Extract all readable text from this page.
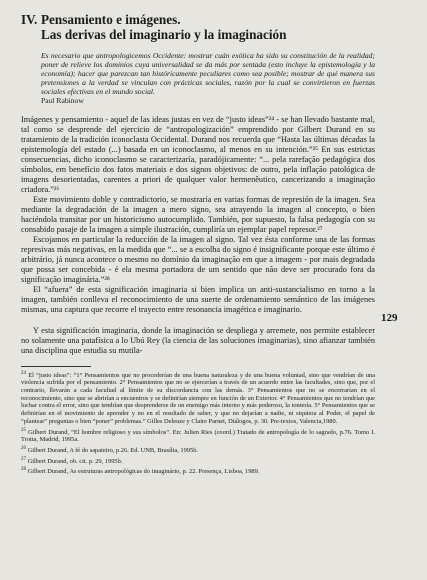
IV. Pensamiento e imágenes.
Las derivas del imaginario y la imaginación
Es necesario que antropologicemos Occidente: mostrar cuán exótica ha sido su constitución de la realidad; poner de relieve los dominios cuya universalidad se da más por sentada (esto incluye la epistemología y la economía); hacer que parezcan tan históricamente peculiares como sea posible; mostrar de qué manera sus pretensiones a la verdad se vinculan con prácticas sociales, razón por la cual se convirtieron en fuerzas sociales efectivas en el mundo social.
Paul Rabinow

Imágenes y pensamiento - aquel de las ideas justas en vez de “justo ideas”²⁴ - se han llevado bastante mal, tal como se desprende del ejercicio de “antropologización” emprendido por Gilbert Durand en su tratamiento de la tradición iconoclasta Occidental. Durand nos recuerda que “Hasta las últimas décadas la epistemología del estado (...) basada en un iconoclasmo, al menos en su intención.”²⁵ En sus estrictas consecuencias, dicho iconoclasmo se caracterizaría, paradójicamente: “... pela rarefação pedagógica dos símbolos, em benefício dos fatos materiais e dos signos objetivos: de outro, pela inflação patológica de imagens desorientadas, carentes a priori de qualquer valor hermenêutico, cancerizando a imaginação criadora.”²⁶

Este movimiento doble y contradictorio, se mostraría en varias formas de represión de la imagen. Sea mediante la degradación de la imagen a mero signo, sea atrayendo la imagen al concepto, o bien haciéndola transitar por un historicismo autocumplido. También, por supuesto, la falsa pedagogía con su consabido pasaje de la imagen a simple ilustración, cumpliría un ejemplar papel represor.²⁷

Escojamos en particular la reducción de la imagen al signo. Tal vez ésta conforme una de las formas represivas más negativas, en la medida que “... se a escolha do signo é insignificante porque este último é arbitrário, já nunca acontece o mesmo no domínio da imaginação em que a imagem - por mais degradada que possa ser concebida - é ela mesma portadora de um sentido que não deve ser procurado fora da significação imaginária.”²⁸

El “afuera” de esta significación imaginaria si bien implica un anti-sustancialismo en torno a la imagen, también conlleva el reconocimiento de una suerte de ordenamiento semántico de las imágenes mismas, una captura que recorre el trayecto entre resonancia imagética e imaginario.

Y esta significación imaginaria, donde la imaginación se despliega y arremete, nos permite establecer no solamente una patafísica a lo Ubú Rey (la ciencia de las soluciones imaginarias), sino afianzar también una disciplina que estudia su mutila-

$^{24}$ El “justo ideas”: “1° Pensamientos que no procederían de una buena naturaleza y de una buena voluntad, sino que vendrían de una violencia sufrida por el pensamiento. 2° Pensamientos que no se ejercerían a través de un acuerdo entre las facultades, sino que, por el contrario, llevarán a cada facultad al límite de su discordancia con las demás. 3° Pensamientos que no se encerrarían en el reconocimiento, sino que se abrirían a encuentros y se definirían siempre en función de un Exterior. 4° Pensamientos que no tendrían que luchar contra el error, sino que tendrían que desprenderse de un enemigo más interno y más poderoso, la tontería. 5° Pensamientos que se definirían en el movimiento de aprender y no en el resultado de saber, y que no dejarían a nadie, ni siquiera al Poder, el papel de “plantear” preguntas o bien “poner” problemas.” Gilles Deleuze y Claire Parnet, Diálogos, p. 30. Pre-textos, Valencia,1980.

$^{25}$ Gilbert Durand, “El hombre religioso y sus símbolos”. En: Julien Ries (coord.) Tratado de antropología de lo sagrado, p.76. Tomo I. Trotta, Madrid, 1995a.

$^{26}$ Gilbert Durand, A fé do sapateiro, p.26. Ed. UNB, Brasília, 1995b.

$^{27}$ Gilbert Durand, ob. cit. p. 29, 1995b.

$^{28}$ Gilbert Durand, As estruturas antropológicas do imaginário, p. 22. Presença, Lisboa, 1989.

129
